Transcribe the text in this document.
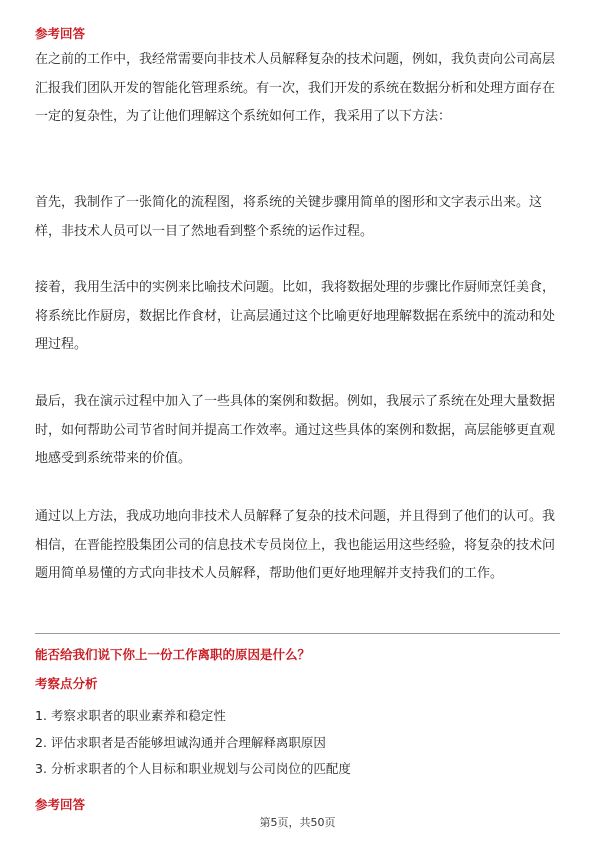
参考回答

在之前的工作中，我经常需要向非技术人员解释复杂的技术问题，例如，我负责向公司高层汇报我们团队开发的智能化管理系统。有一次，我们开发的系统在数据分析和处理方面存在一定的复杂性，为了让他们理解这个系统如何工作，我采用了以下方法：

首先，我制作了一张简化的流程图，将系统的关键步骤用简单的图形和文字表示出来。这样，非技术人员可以一目了然地看到整个系统的运作过程。

接着，我用生活中的实例来比喻技术问题。比如，我将数据处理的步骤比作厨师烹饪美食，将系统比作厨房，数据比作食材，让高层通过这个比喻更好地理解数据在系统中的流动和处理过程。

最后，我在演示过程中加入了一些具体的案例和数据。例如，我展示了系统在处理大量数据时，如何帮助公司节省时间并提高工作效率。通过这些具体的案例和数据，高层能够更直观地感受到系统带来的价值。

通过以上方法，我成功地向非技术人员解释了复杂的技术问题，并且得到了他们的认可。我相信，在晋能控股集团公司的信息技术专员岗位上，我也能运用这些经验，将复杂的技术问题用简单易懂的方式向非技术人员解释，帮助他们更好地理解并支持我们的工作。

能否给我们说下你上一份工作离职的原因是什么？
考察点分析
1. 考察求职者的职业素养和稳定性
2. 评估求职者是否能够坦诚沟通并合理解释离职原因
3. 分析求职者的个人目标和职业规划与公司岗位的匹配度
参考回答
第5页，共50页
